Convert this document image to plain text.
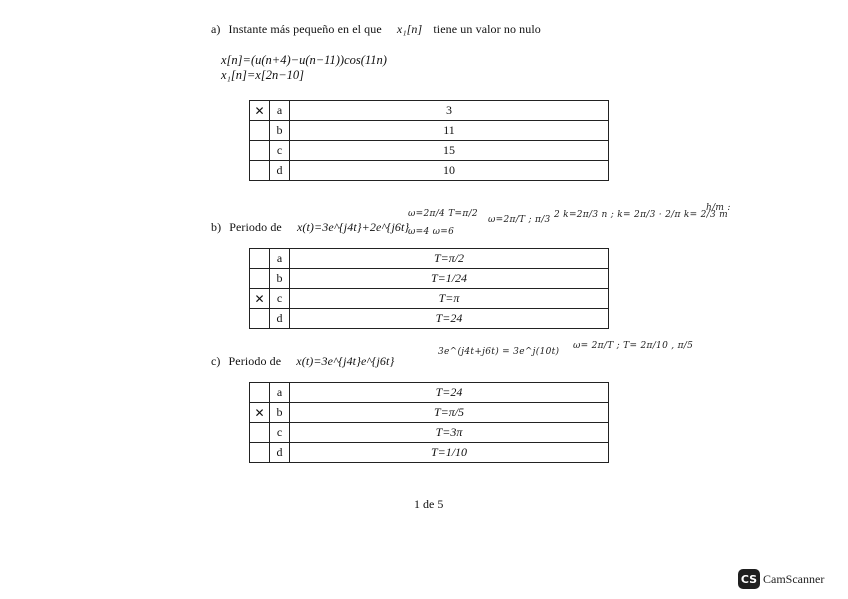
a) Instante más pequeño en el que x₁[n] tiene un valor no nulo
x[n]=(u(n+4)−u(n−11))cos(11n)
x₁[n]=x[2n−10]
✕	a	3
	b	11
	c	15
	d	10
b) Periodo de x(t)=3e^{j4t}+2e^{j6t}
ω=2π/4 T=π/2
ω=4 ω=6
ω=2π/T ; π/3 2 k=2π/3 n ; k= 2π/3 · 2/π k= 2/3 m
h/m :
	a	T=π/2
	b	T=1/24
✕	c	T=π
	d	T=24
c) Periodo de x(t)=3e^{j4t}e^{j6t}
3e^(j4t+j6t) = 3e^j(10t)
ω= 2π/T ; T= 2π/10 , π/5
	a	T=24
✕	b	T=π/5
	c	T=3π
	d	T=1/10
1 de 5
CS CamScanner
